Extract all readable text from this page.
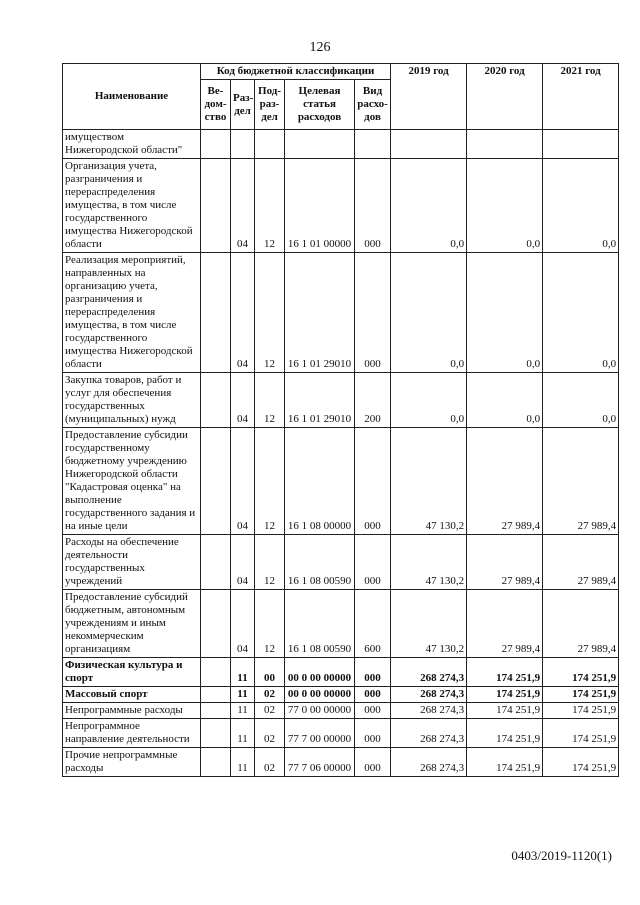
126
Наименование	Код бюджетной классификации					2019 год	2020 год	2021 год
	Ве-дом-ство	Раз-дел	Под-раз-дел	Целевая статья расходов	Вид расхо-дов			
имуществом Нижегородской области"								
Организация учета, разграничения и перераспределения имущества, в том числе государственного имущества Нижегородской области		04	12	16 1 01 00000	000	0,0	0,0	0,0
Реализация мероприятий, направленных на организацию учета, разграничения и перераспределения имущества, в том числе государственного имущества Нижегородской области		04	12	16 1 01 29010	000	0,0	0,0	0,0
Закупка товаров, работ и услуг для обеспечения государственных (муниципальных) нужд		04	12	16 1 01 29010	200	0,0	0,0	0,0
Предоставление субсидии государственному бюджетному учреждению Нижегородской области "Кадастровая оценка" на выполнение государственного задания и на иные цели		04	12	16 1 08 00000	000	47 130,2	27 989,4	27 989,4
Расходы на обеспечение деятельности государственных учреждений		04	12	16 1 08 00590	000	47 130,2	27 989,4	27 989,4
Предоставление субсидий бюджетным, автономным учреждениям и иным некоммерческим организациям		04	12	16 1 08 00590	600	47 130,2	27 989,4	27 989,4
Физическая культура и спорт		11	00	00 0 00 00000	000	268 274,3	174 251,9	174 251,9
Массовый спорт		11	02	00 0 00 00000	000	268 274,3	174 251,9	174 251,9
Непрограммные расходы		11	02	77 0 00 00000	000	268 274,3	174 251,9	174 251,9
Непрограммное направление деятельности		11	02	77 7 00 00000	000	268 274,3	174 251,9	174 251,9
Прочие непрограммные расходы		11	02	77 7 06 00000	000	268 274,3	174 251,9	174 251,9
0403/2019-1120(1)
